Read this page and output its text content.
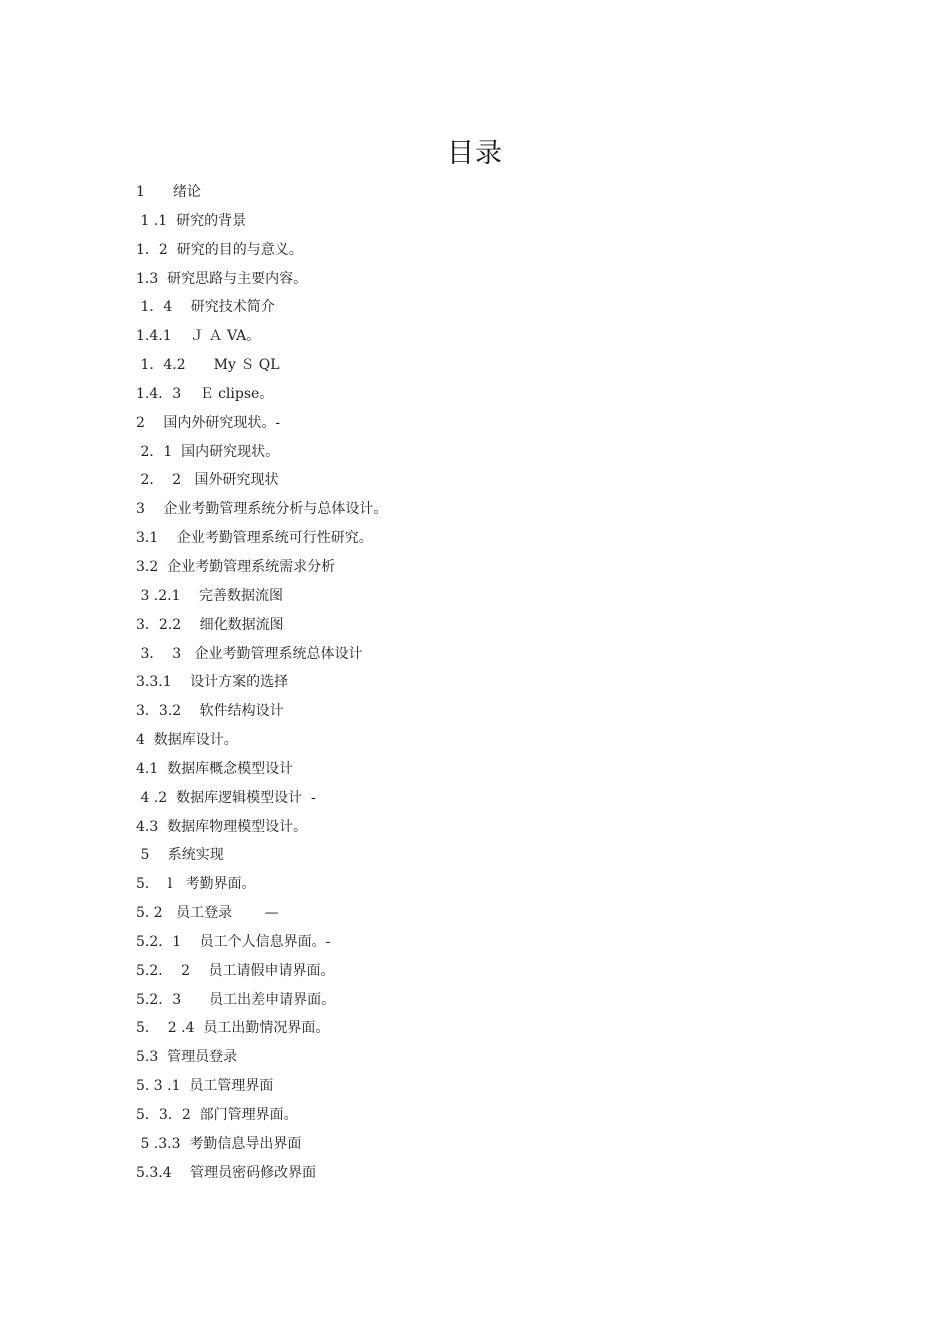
目录
1　　绪论
1 .1  研究的背景
1．2  研究的目的与意义。
1.3  研究思路与主要内容。
1．4　 研究技术简介
1.4.1　 Ｊ Ａ VA。
1．4.2　　My Ｓ QL
1.4．3　 Ｅ clipse。
2　 国内外研究现状。-
2．1  国内研究现状。
2．  2   国外研究现状
3　 企业考勤管理系统分析与总体设计。
3.1　 企业考勤管理系统可行性研究。
3.2  企业考勤管理系统需求分析
3 .2.1　 完善数据流图
3．2.2　 细化数据流图
3．  3   企业考勤管理系统总体设计
3.3.1　 设计方案的选择
3．3.2　 软件结构设计
4  数据库设计。
4.1  数据库概念模型设计
4 .2  数据库逻辑模型设计  -
4.3  数据库物理模型设计。
5　 系统实现
5．  l   考勤界面。
5. 2   员工登录　　 —
5.2．1　 员工个人信息界面。-
5.2．  2　 员工请假申请界面。
5.2．3　　员工出差申请界面。
5．  2 .4  员工出勤情况界面。
5.3  管理员登录
5. 3 .1  员工管理界面
5．3．2  部门管理界面。
5 .3.3  考勤信息导出界面
5.3.4　 管理员密码修改界面
